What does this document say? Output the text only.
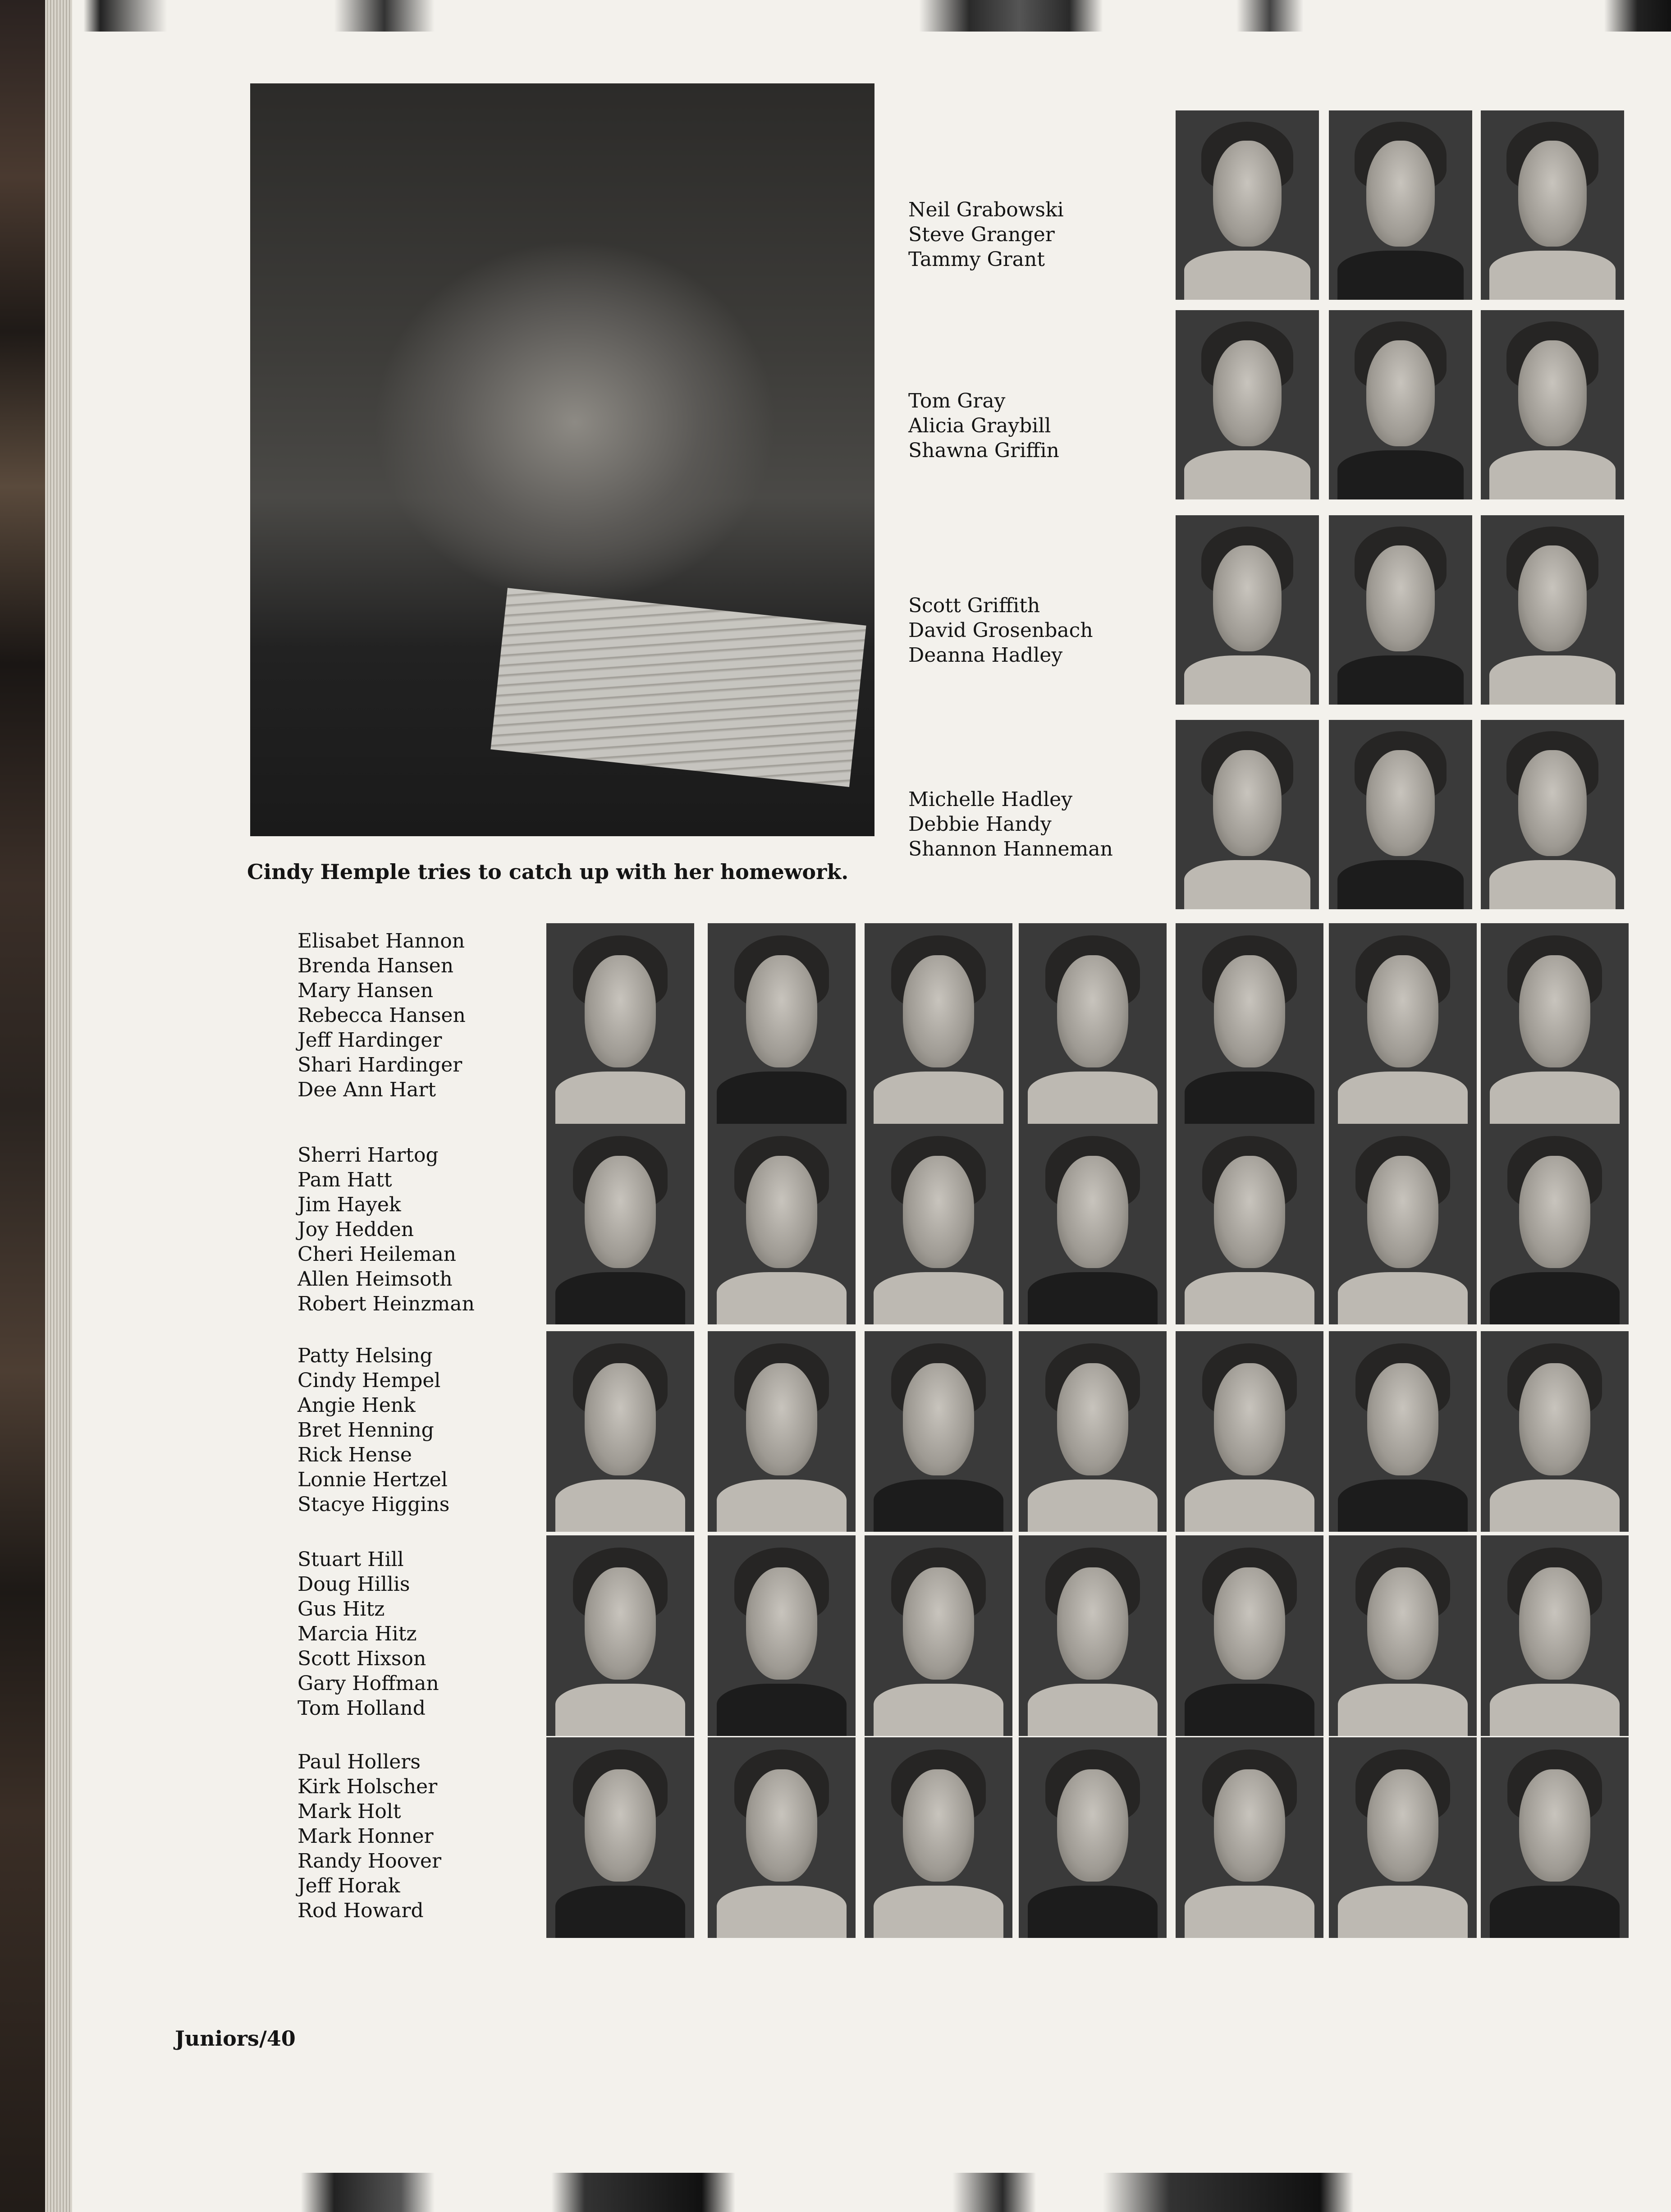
Cindy Hemple tries to catch up with her homework.
Neil Grabowski
Steve Granger
Tammy Grant
Tom Gray
Alicia Graybill
Shawna Griffin
Scott Griffith
David Grosenbach
Deanna Hadley
Michelle Hadley
Debbie Handy
Shannon Hanneman
Elisabet Hannon
Brenda Hansen
Mary Hansen
Rebecca Hansen
Jeff Hardinger
Shari Hardinger
Dee Ann Hart
Sherri Hartog
Pam Hatt
Jim Hayek
Joy Hedden
Cheri Heileman
Allen Heimsoth
Robert Heinzman
Patty Helsing
Cindy Hempel
Angie Henk
Bret Henning
Rick Hense
Lonnie Hertzel
Stacye Higgins
Stuart Hill
Doug Hillis
Gus Hitz
Marcia Hitz
Scott Hixson
Gary Hoffman
Tom Holland
Paul Hollers
Kirk Holscher
Mark Holt
Mark Honner
Randy Hoover
Jeff Horak
Rod Howard
Juniors/40
